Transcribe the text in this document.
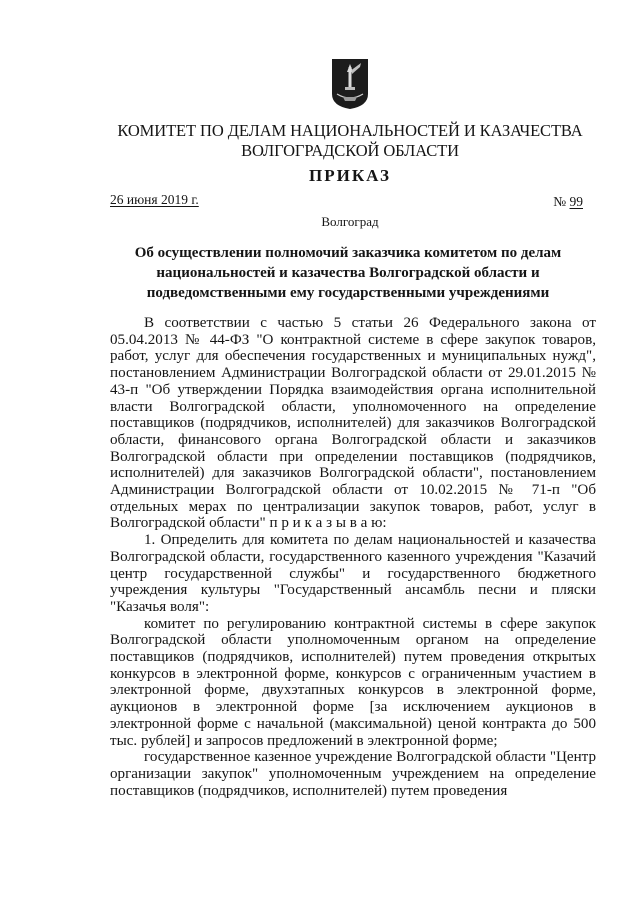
КОМИТЕТ ПО ДЕЛАМ НАЦИОНАЛЬНОСТЕЙ И КАЗАЧЕСТВА ВОЛГОГРАДСКОЙ ОБЛАСТИ
ПРИКАЗ
26 июня 2019 г.	№ 99
Волгоград
Об осуществлении полномочий заказчика комитетом по делам национальностей и казачества Волгоградской области и подведомственными ему государственными учреждениями

В соответствии с частью 5 статьи 26 Федерального закона от 05.04.2013 № 44-ФЗ "О контрактной системе в сфере закупок товаров, работ, услуг для обеспечения государственных и муниципальных нужд", постановлением Администрации Волгоградской области от 29.01.2015 № 43-п "Об утверждении Порядка взаимодействия органа исполнительной власти Волгоградской области, уполномоченного на определение поставщиков (подрядчиков, исполнителей) для заказчиков Волгоградской области, финансового органа Волгоградской области и заказчиков Волгоградской области при определении поставщиков (подрядчиков, исполнителей) для заказчиков Волгоградской области", постановлением Администрации Волгоградской области от 10.02.2015 № 71-п "Об отдельных мерах по централизации закупок товаров, работ, услуг в Волгоградской области" п р и к а з ы в а ю:

1. Определить для комитета по делам национальностей и казачества Волгоградской области, государственного казенного учреждения "Казачий центр государственной службы" и государственного бюджетного учреждения культуры "Государственный ансамбль песни и пляски "Казачья воля":

комитет по регулированию контрактной системы в сфере закупок Волгоградской области уполномоченным органом на определение поставщиков (подрядчиков, исполнителей) путем проведения открытых конкурсов в электронной форме, конкурсов с ограниченным участием в электронной форме, двухэтапных конкурсов в электронной форме, аукционов в электронной форме [за исключением аукционов в электронной форме с начальной (максимальной) ценой контракта до 500 тыс. рублей] и запросов предложений в электронной форме;

государственное казенное учреждение Волгоградской области "Центр организации закупок" уполномоченным учреждением на определение поставщиков (подрядчиков, исполнителей) путем проведения
